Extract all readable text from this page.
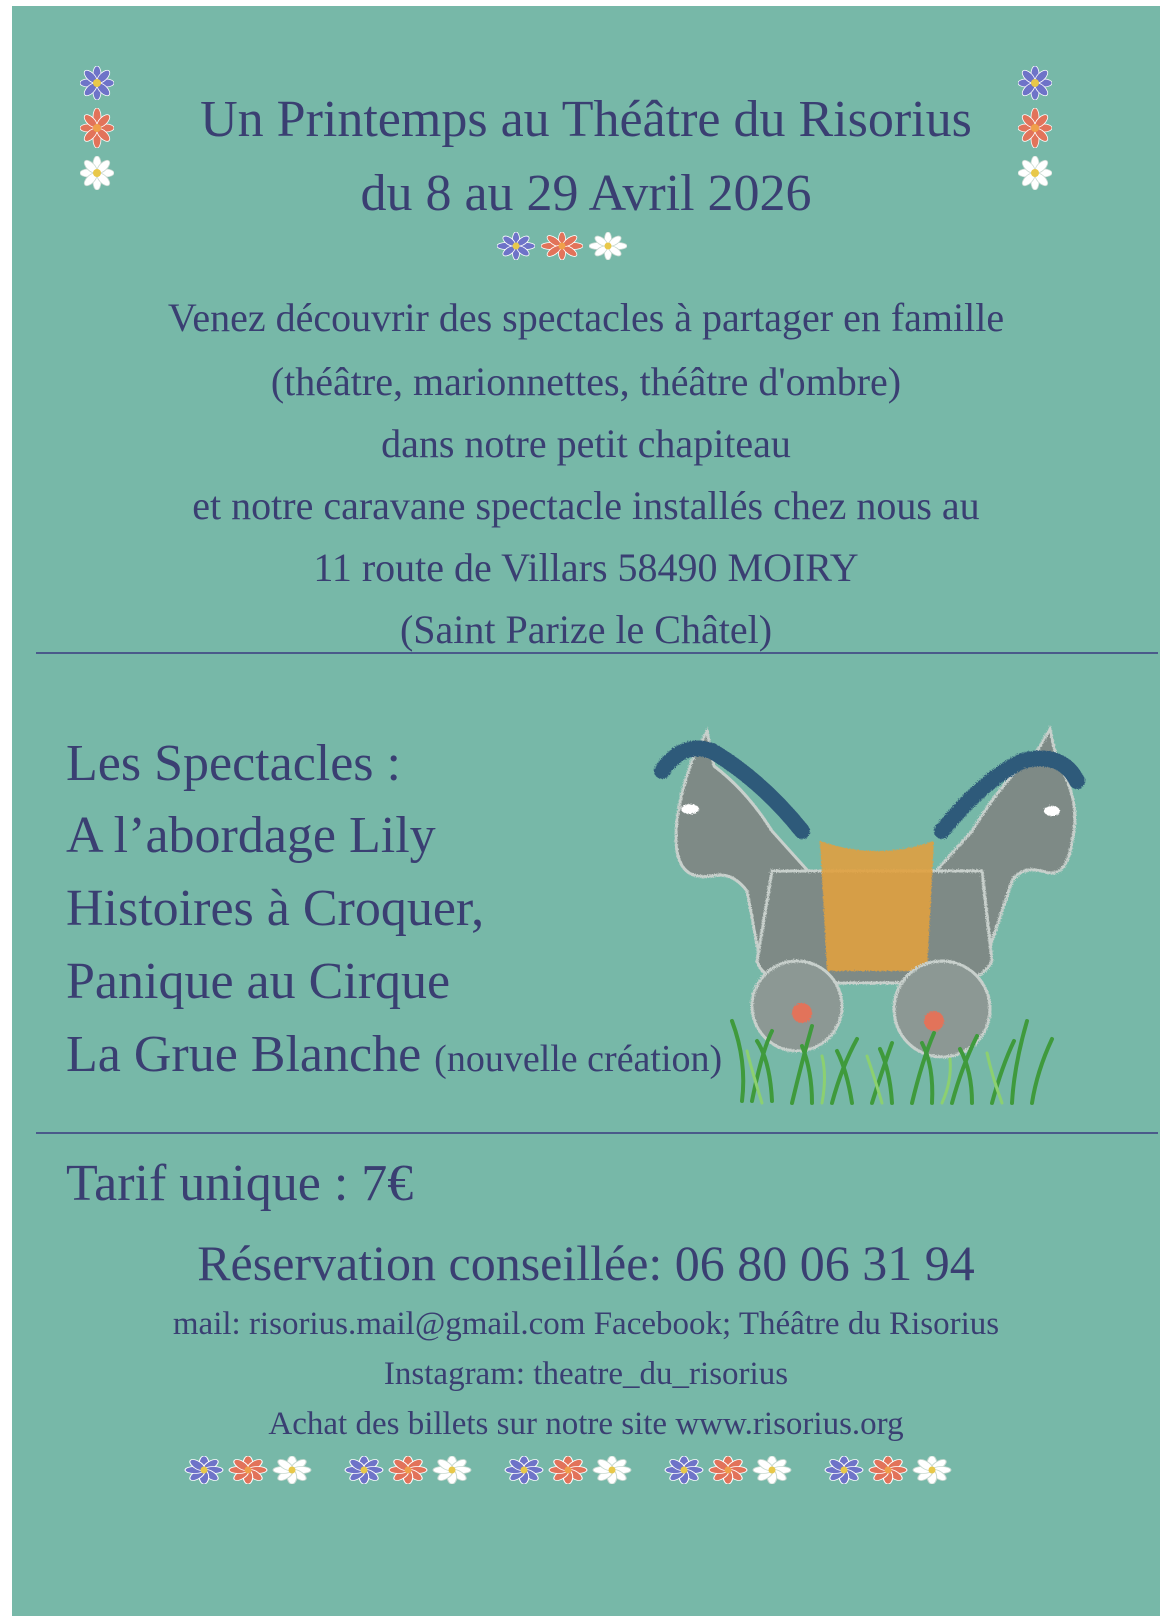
Un Printemps au Théâtre du Risorius
du 8 au 29 Avril 2026
Venez découvrir des spectacles à partager en famille
(théâtre, marionnettes, théâtre d'ombre)
dans notre petit chapiteau
et notre caravane spectacle installés chez nous au
11 route de Villars 58490 MOIRY
(Saint Parize le Châtel)
Les Spectacles :
A l’abordage Lily
Histoires à Croquer,
Panique au Cirque
La Grue Blanche (nouvelle création)
Tarif unique : 7€
Réservation conseillée: 06 80 06 31 94
mail: risorius.mail@gmail.com Facebook; Théâtre du Risorius
Instagram: theatre_du_risorius
Achat des billets sur notre site www.risorius.org
